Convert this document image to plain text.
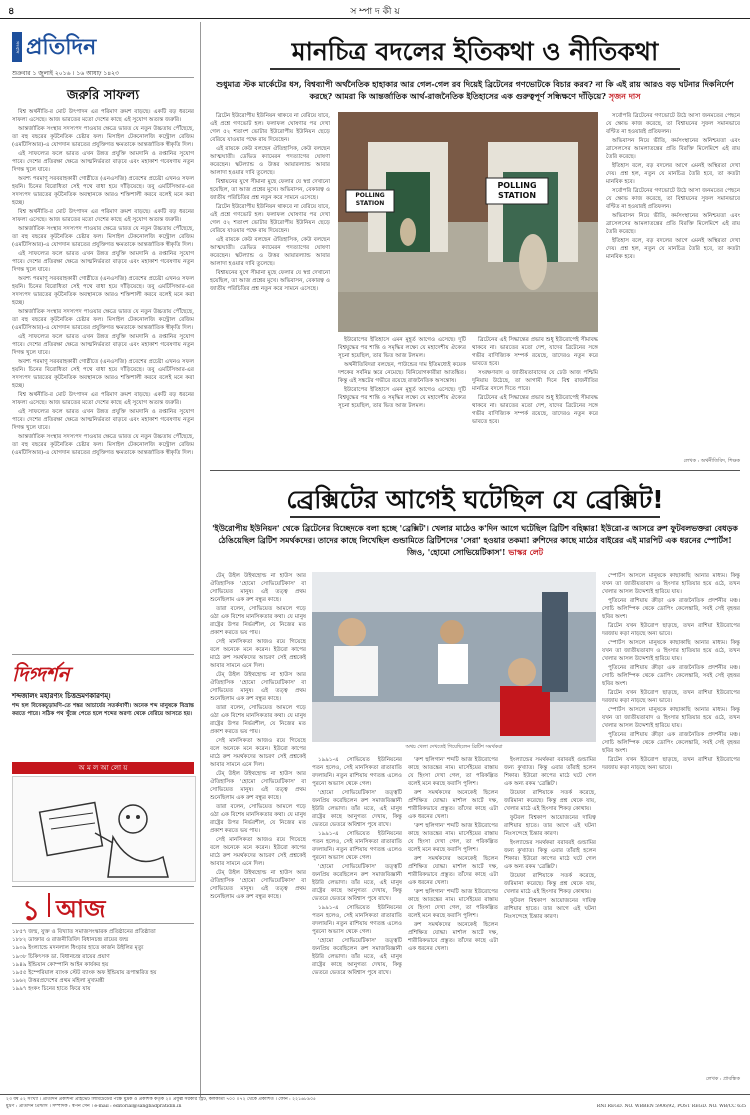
৪	স ম্পা দ কী য়
সংবাদ প্রতিদিন
শুক্রবার ১ জুলাই ২০১৬ । ১৬ আষাঢ় ১৪২৩
জরুরি সাফল্য

বিশ্ব অর্থনীতি-র মোট উৎপাদন এর পরিমাণ ক্রমশ বাড়ছে। একটি বড় ধরনের সাফল্য এসেছে। আজ ভারতের মতো দেশের কাছে এই সুযোগ অত্যন্ত জরুরি।

আন্তর্জাতিক সংস্থার সদস্যপদ পাওয়ার ক্ষেত্রে ভারত যে নতুন উচ্চতায় পৌঁছেছে, তা বহু বছরের কূটনৈতিক চেষ্টার ফল। মিসাইল টেকনোলজি কন্ট্রোল রেজিম (এমটিসিআর)-এ যোগদান ভারতের প্রযুক্তিগত ক্ষমতাকে আন্তর্জাতিক স্বীকৃতি দিল।

এই সাফল্যের ফলে ভারত এখন উন্নত প্রযুক্তি আমদানি ও রপ্তানির সুযোগ পাবে। দেশের প্রতিরক্ষা ক্ষেত্রে আত্মনির্ভরতা বাড়বে এবং মহাকাশ গবেষণায় নতুন দিগন্ত খুলে যাবে।

অবশ্য পরমাণু সরবরাহকারী গোষ্ঠীতে (এনএসজি) প্রবেশের প্রচেষ্টা এখনও সফল হয়নি। চিনের বিরোধিতা সেই পথে বাধা হয়ে দাঁড়িয়েছে। তবু এমটিসিআর-এর সদস্যপদ ভারতের কূটনৈতিক অবস্থানকে আরও শক্তিশালী করবে বলেই মনে করা হচ্ছে।

বিশ্ব অর্থনীতি-র মোট উৎপাদন এর পরিমাণ ক্রমশ বাড়ছে। একটি বড় ধরনের সাফল্য এসেছে। আজ ভারতের মতো দেশের কাছে এই সুযোগ অত্যন্ত জরুরি।

আন্তর্জাতিক সংস্থার সদস্যপদ পাওয়ার ক্ষেত্রে ভারত যে নতুন উচ্চতায় পৌঁছেছে, তা বহু বছরের কূটনৈতিক চেষ্টার ফল। মিসাইল টেকনোলজি কন্ট্রোল রেজিম (এমটিসিআর)-এ যোগদান ভারতের প্রযুক্তিগত ক্ষমতাকে আন্তর্জাতিক স্বীকৃতি দিল।

এই সাফল্যের ফলে ভারত এখন উন্নত প্রযুক্তি আমদানি ও রপ্তানির সুযোগ পাবে। দেশের প্রতিরক্ষা ক্ষেত্রে আত্মনির্ভরতা বাড়বে এবং মহাকাশ গবেষণায় নতুন দিগন্ত খুলে যাবে।

অবশ্য পরমাণু সরবরাহকারী গোষ্ঠীতে (এনএসজি) প্রবেশের প্রচেষ্টা এখনও সফল হয়নি। চিনের বিরোধিতা সেই পথে বাধা হয়ে দাঁড়িয়েছে। তবু এমটিসিআর-এর সদস্যপদ ভারতের কূটনৈতিক অবস্থানকে আরও শক্তিশালী করবে বলেই মনে করা হচ্ছে।

আন্তর্জাতিক সংস্থার সদস্যপদ পাওয়ার ক্ষেত্রে ভারত যে নতুন উচ্চতায় পৌঁছেছে, তা বহু বছরের কূটনৈতিক চেষ্টার ফল। মিসাইল টেকনোলজি কন্ট্রোল রেজিম (এমটিসিআর)-এ যোগদান ভারতের প্রযুক্তিগত ক্ষমতাকে আন্তর্জাতিক স্বীকৃতি দিল।

এই সাফল্যের ফলে ভারত এখন উন্নত প্রযুক্তি আমদানি ও রপ্তানির সুযোগ পাবে। দেশের প্রতিরক্ষা ক্ষেত্রে আত্মনির্ভরতা বাড়বে এবং মহাকাশ গবেষণায় নতুন দিগন্ত খুলে যাবে।

অবশ্য পরমাণু সরবরাহকারী গোষ্ঠীতে (এনএসজি) প্রবেশের প্রচেষ্টা এখনও সফল হয়নি। চিনের বিরোধিতা সেই পথে বাধা হয়ে দাঁড়িয়েছে। তবু এমটিসিআর-এর সদস্যপদ ভারতের কূটনৈতিক অবস্থানকে আরও শক্তিশালী করবে বলেই মনে করা হচ্ছে।

বিশ্ব অর্থনীতি-র মোট উৎপাদন এর পরিমাণ ক্রমশ বাড়ছে। একটি বড় ধরনের সাফল্য এসেছে। আজ ভারতের মতো দেশের কাছে এই সুযোগ অত্যন্ত জরুরি।

এই সাফল্যের ফলে ভারত এখন উন্নত প্রযুক্তি আমদানি ও রপ্তানির সুযোগ পাবে। দেশের প্রতিরক্ষা ক্ষেত্রে আত্মনির্ভরতা বাড়বে এবং মহাকাশ গবেষণায় নতুন দিগন্ত খুলে যাবে।

আন্তর্জাতিক সংস্থার সদস্যপদ পাওয়ার ক্ষেত্রে ভারত যে নতুন উচ্চতায় পৌঁছেছে, তা বহু বছরের কূটনৈতিক চেষ্টার ফল। মিসাইল টেকনোলজি কন্ট্রোল রেজিম (এমটিসিআর)-এ যোগদান ভারতের প্রযুক্তিগত ক্ষমতাকে আন্তর্জাতিক স্বীকৃতি দিল।

দিগ্দর্শন
শব্দজালং মহারণ্যং চিত্তভ্রমণকারণম্।
শব্দ হল বিবেকচূড়ামণি-তে শঙ্কর আচার্যের সতর্কবাণী। অনেক শব্দ মানুষকে বিভ্রান্ত করতে পারে। সঠিক পথ খুঁজে পেতে হলে শব্দের অরণ্য থেকে বেরিয়ে আসতে হয়।
অ ম ল আ লো য়
১ আজ
১৮৫৭ জন্ম, যুক্ত ও বিখ্যাত সমাজসংস্কারক প্রতিষ্ঠানের প্রতিষ্ঠাতা
১৮৮২ ডাক্তার ও রাজনীতিবিদ বিধানচন্দ্র রায়ের জন্ম
১৯০৯ ইংল্যান্ডে মদনলাল ধিংড়ার হাতে কার্জন উইলির মৃত্যু
১৯৩৮ চিকিৎসক ডা. বিধানচন্দ্র রায়ের প্রয়াণ
১৯৪৯ ইন্ডিয়ান কোম্পানি আইন কার্যকর হয়
১৯৫৫ ইম্পেরিয়াল ব্যাংক স্টেট ব্যাংক অফ ইন্ডিয়ায় রূপান্তরিত হয়
১৯৬২ উত্তরপ্রদেশের প্রথম মহিলা মুখ্যমন্ত্রী
১৯৯৭ হংকং চিনের হাতে ফিরে যায়
মানচিত্র বদলের ইতিকথা ও নীতিকথা
শুধুমাত্র স্টক মার্কেটের ধস, বিশ্বব্যাপী অর্থনৈতিক হাহাকার আর গেল-গেল রব দিয়েই ব্রিটেনের গণভোটকে বিচার করব? না কি এই রায় আরও বড় ঘটনার দিকনির্দেশ করছে? আমরা কি আন্তর্জাতিক আর্থ-রাজনৈতিক ইতিহাসের এক গুরুত্বপূর্ণ সন্ধিক্ষণে দাঁড়িয়ে? সৃজন দাস

ব্রিটেন ইউরোপীয় ইউনিয়ন থাকবে না বেরিয়ে যাবে, এই প্রশ্নে গণভোট হল। ফলাফল ঘোষণার পর দেখা গেল ৫২ শতাংশ ভোটার ইউরোপীয় ইউনিয়ন ছেড়ে বেরিয়ে যাওয়ার পক্ষে রায় দিয়েছেন।

এই রায়কে কেউ বলছেন ঐতিহাসিক, কেউ বলছেন আত্মঘাতী। ডেভিড ক্যামেরন পদত্যাগের ঘোষণা করেছেন। স্কটল্যান্ড ও উত্তর আয়ারল্যান্ড আবার আলাদা হওয়ার দাবি তুলেছে।

বিশ্বায়নের যুগে সীমানা মুছে ফেলার যে স্বপ্ন দেখানো হয়েছিল, তা আজ প্রশ্নের মুখে। অভিবাসন, বেকারত্ব ও জাতীয় পরিচিতির প্রশ্ন নতুন করে সামনে এসেছে।

ব্রিটেন ইউরোপীয় ইউনিয়ন থাকবে না বেরিয়ে যাবে, এই প্রশ্নে গণভোট হল। ফলাফল ঘোষণার পর দেখা গেল ৫২ শতাংশ ভোটার ইউরোপীয় ইউনিয়ন ছেড়ে বেরিয়ে যাওয়ার পক্ষে রায় দিয়েছেন।

এই রায়কে কেউ বলছেন ঐতিহাসিক, কেউ বলছেন আত্মঘাতী। ডেভিড ক্যামেরন পদত্যাগের ঘোষণা করেছেন। স্কটল্যান্ড ও উত্তর আয়ারল্যান্ড আবার আলাদা হওয়ার দাবি তুলেছে।

বিশ্বায়নের যুগে সীমানা মুছে ফেলার যে স্বপ্ন দেখানো হয়েছিল, তা আজ প্রশ্নের মুখে। অভিবাসন, বেকারত্ব ও জাতীয় পরিচিতির প্রশ্ন নতুন করে সামনে এসেছে।

POLLING STATION
POLLING STATION

ইউরোপের ইতিহাসে এমন মুহূর্ত আগেও এসেছে। দুটি বিশ্বযুদ্ধের পর শান্তি ও সমৃদ্ধির লক্ষ্যে যে মহাদেশীয় ঐক্যের সূচনা হয়েছিল, তার ভিত আজ টলমল।

অর্থনীতিবিদরা বলছেন, পাউন্ডের দাম ইতিমধ্যেই কয়েক দশকের সর্বনিম্ন স্তরে নেমেছে। বিনিয়োগকারীরা আতঙ্কিত। কিন্তু এই সঙ্কটের গভীরে রয়েছে রাজনৈতিক অসন্তোষ।

ইউরোপের ইতিহাসে এমন মুহূর্ত আগেও এসেছে। দুটি বিশ্বযুদ্ধের পর শান্তি ও সমৃদ্ধির লক্ষ্যে যে মহাদেশীয় ঐক্যের সূচনা হয়েছিল, তার ভিত আজ টলমল।

ব্রিটেনের এই সিদ্ধান্তের প্রভাব শুধু ইউরোপেই সীমাবদ্ধ থাকবে না। ভারতের মতো দেশ, যাদের ব্রিটেনের সঙ্গে গভীর বাণিজ্যিক সম্পর্ক রয়েছে, তাদেরও নতুন করে ভাবতে হবে।

সংরক্ষণবাদ ও জাতীয়তাবাদের যে ঢেউ আজ পশ্চিমি দুনিয়ায় উঠেছে, তা আগামী দিনে বিশ্ব রাজনীতির মানচিত্র বদলে দিতে পারে।

ব্রিটেনের এই সিদ্ধান্তের প্রভাব শুধু ইউরোপেই সীমাবদ্ধ থাকবে না। ভারতের মতো দেশ, যাদের ব্রিটেনের সঙ্গে গভীর বাণিজ্যিক সম্পর্ক রয়েছে, তাদেরও নতুন করে ভাবতে হবে।

সর্বোপরি ব্রিটেনের গণভোটে উঠে আসা জনমতের পেছনে যে ক্ষোভ কাজ করেছে, তা বিশ্বায়নের সুফল সমানভাবে বণ্টিত না হওয়ারই প্রতিফলন।

অভিবাসন নিয়ে ভীতি, কর্মসংস্থানের অনিশ্চয়তা এবং ব্রাসেলসের আমলাতন্ত্রের প্রতি বিরক্তি মিলেমিশে এই রায় তৈরি করেছে।

ইতিহাস বলে, বড় বদলের আগে এমনই অস্থিরতা দেখা দেয়। প্রশ্ন হল, নতুন যে মানচিত্র তৈরি হবে, তা কতটা মানবিক হবে।

সর্বোপরি ব্রিটেনের গণভোটে উঠে আসা জনমতের পেছনে যে ক্ষোভ কাজ করেছে, তা বিশ্বায়নের সুফল সমানভাবে বণ্টিত না হওয়ারই প্রতিফলন।

অভিবাসন নিয়ে ভীতি, কর্মসংস্থানের অনিশ্চয়তা এবং ব্রাসেলসের আমলাতন্ত্রের প্রতি বিরক্তি মিলেমিশে এই রায় তৈরি করেছে।

ইতিহাস বলে, বড় বদলের আগে এমনই অস্থিরতা দেখা দেয়। প্রশ্ন হল, নতুন যে মানচিত্র তৈরি হবে, তা কতটা মানবিক হবে।

লেখক : অর্থনীতিবিদ, শিক্ষক
ব্রেক্সিটের আগেই ঘটেছিল যে ব্রেক্সিট!
'ইউরোপীয় ইউনিয়ন' থেকে ব্রিটেনের বিচ্ছেদকে বলা হচ্ছে 'ব্রেক্সিট'। খেলার মাঠেও ক'দিন আগে ঘটেছিল ব্রিটিশ বহিষ্কার! ইউরো-র আসরে রুশ ফুটবলভক্তরা বেধড়ক ঠেঙিয়েছিল ব্রিটিশ সমর্থকদের। তাদের কাছে লিখেছিল গুন্ডামিতে ব্রিটিশদের 'সেরা' হওয়ার তকমা! রুশিদের কাছে মাঠের বাইরের এই মারপিট এক ধরনের স্পোর্টস! জিও, 'হোমো সোভিয়েটিকাস'! ভাস্কর লেট

টেম্‌ উইল উইথহোল্ড না হাউস আর ঐতিহাসিক 'হোমো সোভিয়েটিকাস' বা সোভিয়েত মানুষ। এই তত্ত্ব প্রথম শুনেছিলাম এক রুশ বন্ধুর কাছে।

তারা বলেন, সোভিয়েত আমলে গড়ে ওঠা এক বিশেষ মানসিকতার কথা। যে মানুষ রাষ্ট্রের উপর নির্ভরশীল, যে নিজের মত প্রকাশ করতে ভয় পায়।

সেই মানসিকতা আজও রয়ে গিয়েছে বলে অনেকে মনে করেন। ইউরো কাপের মাঠে রুশ সমর্থকদের আচরণ সেই প্রশ্নকেই আবার সামনে এনে দিল।

টেম্‌ উইল উইথহোল্ড না হাউস আর ঐতিহাসিক 'হোমো সোভিয়েটিকাস' বা সোভিয়েত মানুষ। এই তত্ত্ব প্রথম শুনেছিলাম এক রুশ বন্ধুর কাছে।

তারা বলেন, সোভিয়েত আমলে গড়ে ওঠা এক বিশেষ মানসিকতার কথা। যে মানুষ রাষ্ট্রের উপর নির্ভরশীল, যে নিজের মত প্রকাশ করতে ভয় পায়।

সেই মানসিকতা আজও রয়ে গিয়েছে বলে অনেকে মনে করেন। ইউরো কাপের মাঠে রুশ সমর্থকদের আচরণ সেই প্রশ্নকেই আবার সামনে এনে দিল।

টেম্‌ উইল উইথহোল্ড না হাউস আর ঐতিহাসিক 'হোমো সোভিয়েটিকাস' বা সোভিয়েত মানুষ। এই তত্ত্ব প্রথম শুনেছিলাম এক রুশ বন্ধুর কাছে।

তারা বলেন, সোভিয়েত আমলে গড়ে ওঠা এক বিশেষ মানসিকতার কথা। যে মানুষ রাষ্ট্রের উপর নির্ভরশীল, যে নিজের মত প্রকাশ করতে ভয় পায়।

সেই মানসিকতা আজও রয়ে গিয়েছে বলে অনেকে মনে করেন। ইউরো কাপের মাঠে রুশ সমর্থকদের আচরণ সেই প্রশ্নকেই আবার সামনে এনে দিল।

টেম্‌ উইল উইথহোল্ড না হাউস আর ঐতিহাসিক 'হোমো সোভিয়েটিকাস' বা সোভিয়েত মানুষ। এই তত্ত্ব প্রথম শুনেছিলাম এক রুশ বন্ধুর কাছে।

অথচ খেলা দেখতেই গিয়েছিলেন ব্রিটিশ সমর্থকরা

১৯৯১-এ সোভিয়েত ইউনিয়নের পতন হলেও, সেই মানসিকতা রাতারাতি বদলায়নি। নতুন রাশিয়ায় গণতন্ত্র এলেও পুরনো অভ্যাস থেকে গেল।

'হোমো সোভিয়েটিকাস' তত্ত্বটি জনপ্রিয় করেছিলেন রুশ সমাজবিজ্ঞানী ইউরি লেভাদা। তাঁর মতে, এই মানুষ রাষ্ট্রের কাছে আনুগত্য দেখায়, কিন্তু ভেতরে ভেতরে অবিশ্বাস পুষে রাখে।

১৯৯১-এ সোভিয়েত ইউনিয়নের পতন হলেও, সেই মানসিকতা রাতারাতি বদলায়নি। নতুন রাশিয়ায় গণতন্ত্র এলেও পুরনো অভ্যাস থেকে গেল।

'হোমো সোভিয়েটিকাস' তত্ত্বটি জনপ্রিয় করেছিলেন রুশ সমাজবিজ্ঞানী ইউরি লেভাদা। তাঁর মতে, এই মানুষ রাষ্ট্রের কাছে আনুগত্য দেখায়, কিন্তু ভেতরে ভেতরে অবিশ্বাস পুষে রাখে।

১৯৯১-এ সোভিয়েত ইউনিয়নের পতন হলেও, সেই মানসিকতা রাতারাতি বদলায়নি। নতুন রাশিয়ায় গণতন্ত্র এলেও পুরনো অভ্যাস থেকে গেল।

'হোমো সোভিয়েটিকাস' তত্ত্বটি জনপ্রিয় করেছিলেন রুশ সমাজবিজ্ঞানী ইউরি লেভাদা। তাঁর মতে, এই মানুষ রাষ্ট্রের কাছে আনুগত্য দেখায়, কিন্তু ভেতরে ভেতরে অবিশ্বাস পুষে রাখে।

'রুশ হুলিগান' শব্দটি আজ ইউরোপের কাছে আতঙ্কের নাম। মার্সেইয়ের রাস্তায় যে হিংসা দেখা গেল, তা পরিকল্পিত বলেই মনে করছে ফরাসি পুলিশ।

রুশ সমর্থকদের অনেকেই ছিলেন প্রশিক্ষিত যোদ্ধা। মার্শাল আর্টে দক্ষ, শারীরিকভাবে প্রস্তুত। তাঁদের কাছে এটা এক ধরনের খেলা।

'রুশ হুলিগান' শব্দটি আজ ইউরোপের কাছে আতঙ্কের নাম। মার্সেইয়ের রাস্তায় যে হিংসা দেখা গেল, তা পরিকল্পিত বলেই মনে করছে ফরাসি পুলিশ।

রুশ সমর্থকদের অনেকেই ছিলেন প্রশিক্ষিত যোদ্ধা। মার্শাল আর্টে দক্ষ, শারীরিকভাবে প্রস্তুত। তাঁদের কাছে এটা এক ধরনের খেলা।

'রুশ হুলিগান' শব্দটি আজ ইউরোপের কাছে আতঙ্কের নাম। মার্সেইয়ের রাস্তায় যে হিংসা দেখা গেল, তা পরিকল্পিত বলেই মনে করছে ফরাসি পুলিশ।

রুশ সমর্থকদের অনেকেই ছিলেন প্রশিক্ষিত যোদ্ধা। মার্শাল আর্টে দক্ষ, শারীরিকভাবে প্রস্তুত। তাঁদের কাছে এটা এক ধরনের খেলা।

ইংল্যান্ডের সমর্থকরা বরাবরই গুন্ডামির জন্য কুখ্যাত। কিন্তু এবার তাঁরাই হলেন শিকার। ইউরো কাপের মাঠে ঘটে গেল এক অন্য রকম 'ব্রেক্সিট'।

উয়েফা রাশিয়াকে সতর্ক করেছে, জরিমানা করেছে। কিন্তু প্রশ্ন থেকে যায়, খেলার মাঠে এই হিংসার শিকড় কোথায়।

ফুটবল বিশ্বকাপ আয়োজনের দায়িত্ব রাশিয়ার হাতে। তার আগে এই ঘটনা নিঃসন্দেহে চিন্তার কারণ।

ইংল্যান্ডের সমর্থকরা বরাবরই গুন্ডামির জন্য কুখ্যাত। কিন্তু এবার তাঁরাই হলেন শিকার। ইউরো কাপের মাঠে ঘটে গেল এক অন্য রকম 'ব্রেক্সিট'।

উয়েফা রাশিয়াকে সতর্ক করেছে, জরিমানা করেছে। কিন্তু প্রশ্ন থেকে যায়, খেলার মাঠে এই হিংসার শিকড় কোথায়।

ফুটবল বিশ্বকাপ আয়োজনের দায়িত্ব রাশিয়ার হাতে। তার আগে এই ঘটনা নিঃসন্দেহে চিন্তার কারণ।

স্পোর্টস আসলে মানুষকে কাছাকাছি আনার মাধ্যম। কিন্তু যখন তা জাতীয়তাবাদ ও হিংসার হাতিয়ার হয়ে ওঠে, তখন খেলার আসল উদ্দেশ্যই হারিয়ে যায়।

পুতিনের রাশিয়ায় ক্রীড়া এক রাজনৈতিক প্রদর্শনীর মঞ্চ। সোচি অলিম্পিক থেকে ডোপিং কেলেঙ্কারি, সবই সেই বৃহত্তর ছবির অংশ।

ব্রিটেন যখন ইউরোপ ছাড়ছে, তখন রাশিয়া ইউরোপের দরজায় কড়া নাড়ছে অন্য ভাবে।

স্পোর্টস আসলে মানুষকে কাছাকাছি আনার মাধ্যম। কিন্তু যখন তা জাতীয়তাবাদ ও হিংসার হাতিয়ার হয়ে ওঠে, তখন খেলার আসল উদ্দেশ্যই হারিয়ে যায়।

পুতিনের রাশিয়ায় ক্রীড়া এক রাজনৈতিক প্রদর্শনীর মঞ্চ। সোচি অলিম্পিক থেকে ডোপিং কেলেঙ্কারি, সবই সেই বৃহত্তর ছবির অংশ।

ব্রিটেন যখন ইউরোপ ছাড়ছে, তখন রাশিয়া ইউরোপের দরজায় কড়া নাড়ছে অন্য ভাবে।

স্পোর্টস আসলে মানুষকে কাছাকাছি আনার মাধ্যম। কিন্তু যখন তা জাতীয়তাবাদ ও হিংসার হাতিয়ার হয়ে ওঠে, তখন খেলার আসল উদ্দেশ্যই হারিয়ে যায়।

পুতিনের রাশিয়ায় ক্রীড়া এক রাজনৈতিক প্রদর্শনীর মঞ্চ। সোচি অলিম্পিক থেকে ডোপিং কেলেঙ্কারি, সবই সেই বৃহত্তর ছবির অংশ।

ব্রিটেন যখন ইউরোপ ছাড়ছে, তখন রাশিয়া ইউরোপের দরজায় কড়া নাড়ছে অন্য ভাবে।

লেখক : প্রাবন্ধিক
২৩ বর্ষ ৫২ সংখ্যা । প্রতিদিন প্রকাশনী প্রাইভেট লিমিটেডের পক্ষে মুদ্রক ও প্রকাশক কর্তৃক ২০ প্রফুল্ল সরকার স্ট্রিট, কলকাতা ৭০০ ০৭২ থেকে প্রকাশিত । ফোন : ২২১৬৮৯০৫
মুদ্রণ : প্রতিদিন প্রিন্টার্স । সম্পাদক : স্বপন সেন । e-mail : editorial@sangbadpratidin.in	RNI REGD. NO. WBBEN 5906/92, POST REGD. NO. WB/CC 635
